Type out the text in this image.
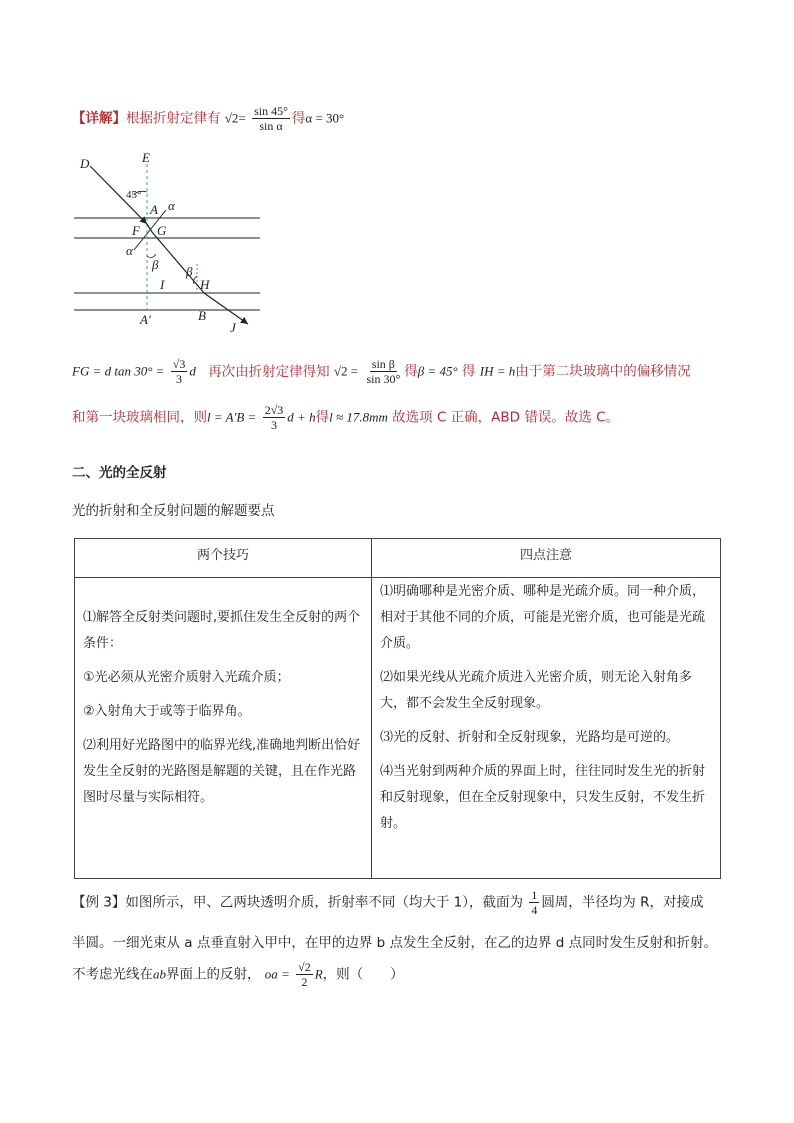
【详解】根据折射定律有 $√2= \frac{\sin 45^\circ}{\text{sin α}}$ 得α = 30°
D	E
45°
A α
F G
α
β β
H
I
A′	B
J
FG = d $\tan 30^\circ = \frac{√3}{3}$ d 再次由折射定律得知 $√2 = \frac{\text{sin β}}{\sin 30^\circ}$ 得β = 45° 得 IH = h由于第二块玻璃中的偏移情况
和第一块玻璃相同，则$l = A'B = \frac{2√3}{3}$ d + h得l ≈ 17.8mm 故选项 C 正确，ABD 错误。故选 C。
二、光的全反射
光的折射和全反射问题的解题要点
两个技巧	四点注意

⑴解答全反射类问题时,要抓住发生全反射的两个条件：

①光必须从光密介质射入光疏介质；

②入射角大于或等于临界角。

⑵利用好光路图中的临界光线,准确地判断出恰好发生全反射的光路图是解题的关键，且在作光路图时尽量与实际相符。

⑴明确哪种是光密介质、哪种是光疏介质。同一种介质，相对于其他不同的介质，可能是光密介质，也可能是光疏介质。

⑵如果光线从光疏介质进入光密介质，则无论入射角多大，都不会发生全反射现象。

⑶光的反射、折射和全反射现象，光路均是可逆的。

⑷当光射到两种介质的界面上时，往往同时发生光的折射和反射现象，但在全反射现象中，只发生反射，不发生折射。

【例 3】如图所示，甲、乙两块透明介质，折射率不同（均大于 1），截面为 $\frac{1}{4}$ 圆周，半径均为 R，对接成
半圆。一细光束从 a 点垂直射入甲中，在甲的边界 b 点发生全反射，在乙的边界 d 点同时发生反射和折射。
不考虑光线在ab界面上的反射， oa = $\frac{√2}{2}$ R，则（　　）
